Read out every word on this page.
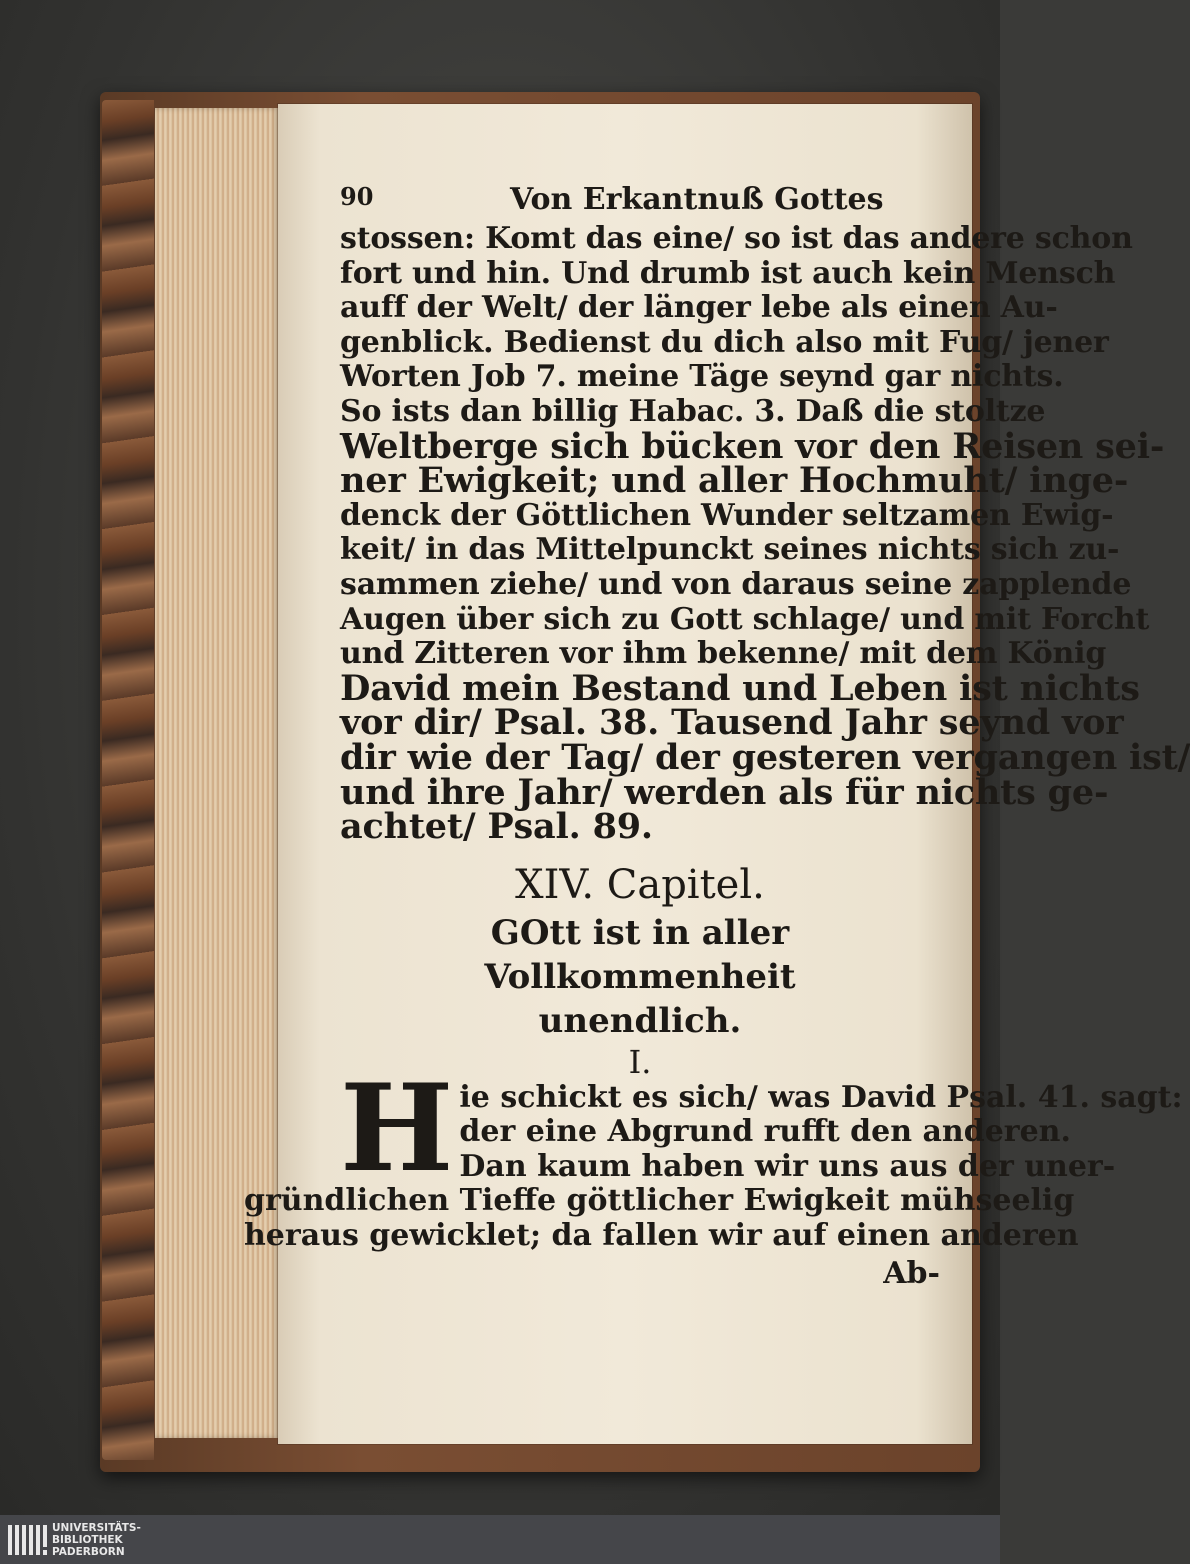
90	Von Erkantnuß Gottes
stossen: Komt das eine/ so ist das andere schon
fort und hin. Und drumb ist auch kein Mensch
auff der Welt/ der länger lebe als einen Au-
genblick. Bedienst du dich also mit Fug/ jener
Worten Job 7. meine Täge seynd gar nichts.
So ists dan billig Habac. 3. Daß die stoltze
Weltberge sich bücken vor den Reisen sei-
ner Ewigkeit; und aller Hochmuht/ inge-
denck der Göttlichen Wunder seltzamen Ewig-
keit/ in das Mittelpunckt seines nichts sich zu-
sammen ziehe/ und von daraus seine zapplende
Augen über sich zu Gott schlage/ und mit Forcht
und Zitteren vor ihm bekenne/ mit dem König
David mein Bestand und Leben ist nichts
vor dir/ Psal. 38. Tausend Jahr seynd vor
dir wie der Tag/ der gesteren vergangen ist/
und ihre Jahr/ werden als für nichts ge-
achtet/ Psal. 89.
XIV. Capitel.
GOtt ist in aller Vollkommenheit
unendlich.
I.
H ie schickt es sich/ was David Psal. 41. sagt:
der eine Abgrund rufft den anderen.
Dan kaum haben wir uns aus der uner-
gründlichen Tieffe göttlicher Ewigkeit mühseelig
heraus gewicklet; da fallen wir auf einen anderen
Ab-
UNIVERSITÄTS-
BIBLIOTHEK
PADERBORN
